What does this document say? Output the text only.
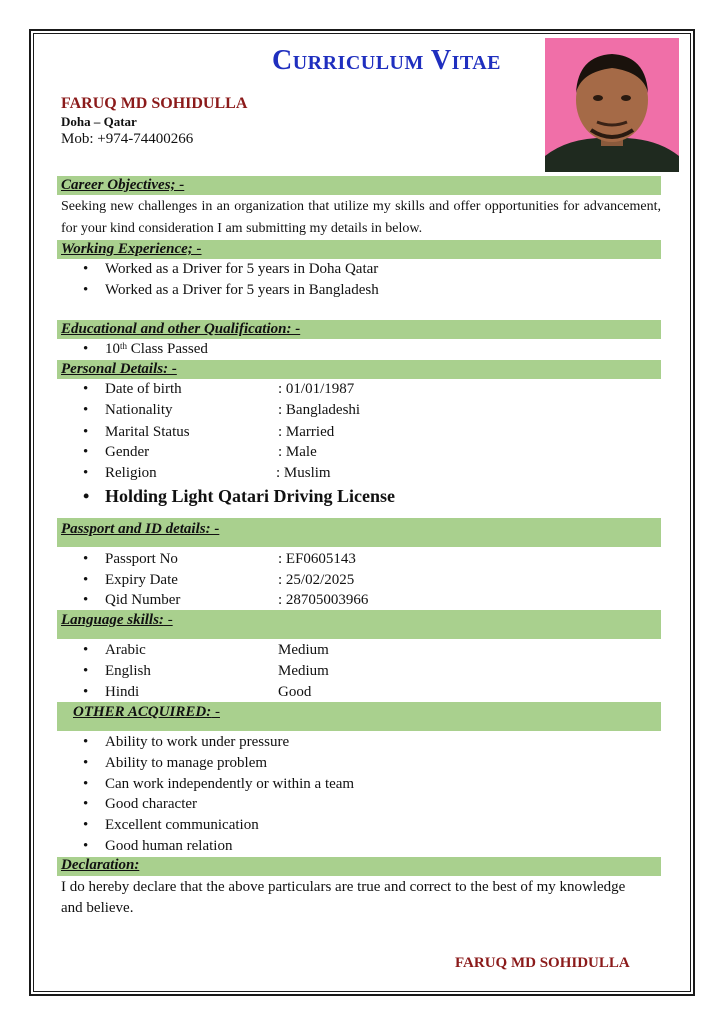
Curriculum Vitae
FARUQ MD SOHIDULLA
Doha – Qatar
Mob: +974-74400266
Career Objectives; -
Seeking new challenges in an organization that utilize my skills and offer opportunities for advancement, for your kind consideration I am submitting my details in below.
Working Experience; -
• Worked as a Driver for 5 years in Doha Qatar
• Worked as a Driver for 5 years in Bangladesh
Educational and other Qualification: -
• 10th Class Passed
Personal Details: -
• Date of birth	: 01/01/1987
• Nationality	: Bangladeshi
• Marital Status	: Married
• Gender	: Male
• Religion	: Muslim
• Holding Light Qatari Driving License
Passport and ID details: -
• Passport No	: EF0605143
• Expiry Date	: 25/02/2025
• Qid Number	: 28705003966
Language skills: -
• Arabic	Medium
• English	Medium
• Hindi	Good
OTHER ACQUIRED: -
• Ability to work under pressure
• Ability to manage problem
• Can work independently or within a team
• Good character
• Excellent communication
• Good human relation
Declaration:
I do hereby declare that the above particulars are true and correct to the best of my knowledge and believe.
FARUQ MD SOHIDULLA
